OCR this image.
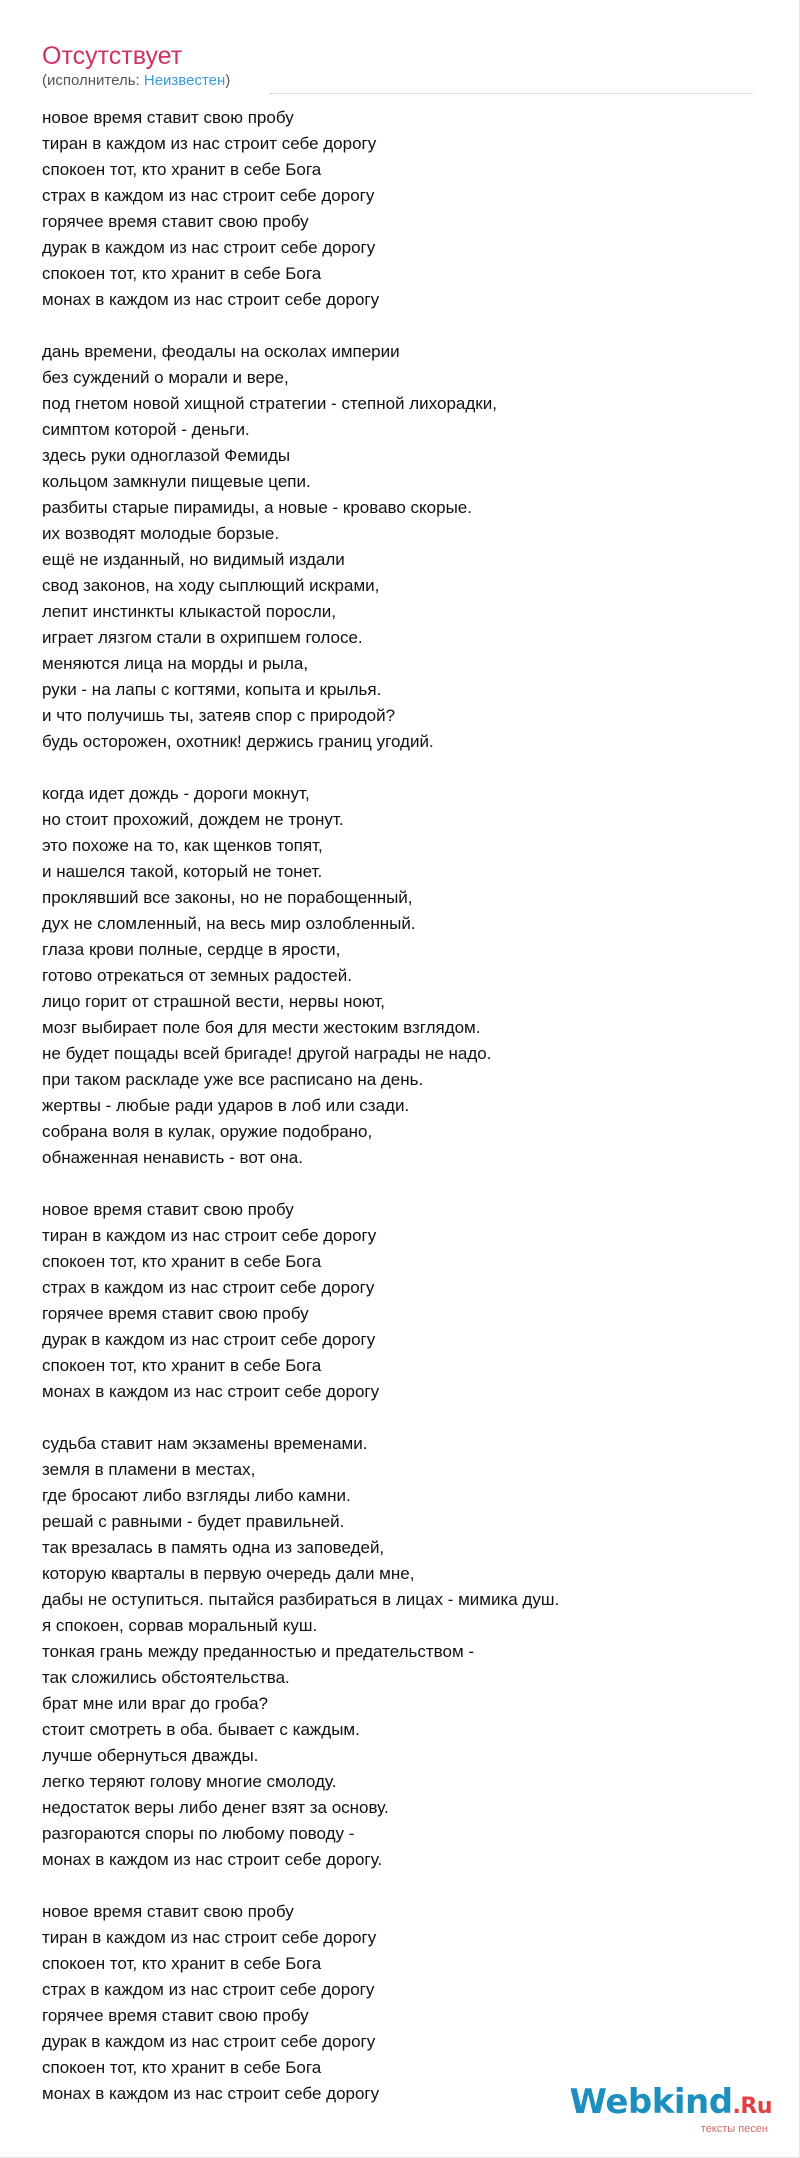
Отсутствует
(исполнитель: Неизвестен)
новое время ставит свою пробу
тиран в каждом из нас строит себе дорогу
спокоен тот, кто хранит в себе Бога
страх в каждом из нас строит себе дорогу
горячее время ставит свою пробу
дурак в каждом из нас строит себе дорогу
спокоен тот, кто хранит в себе Бога
монах в каждом из нас строит себе дорогу
дань времени, феодалы на осколах империи
без суждений о морали и вере,
под гнетом новой хищной стратегии - степной лихорадки,
симптом которой - деньги.
здесь руки одноглазой Фемиды
кольцом замкнули пищевые цепи.
разбиты старые пирамиды, а новые - кроваво скорые.
их возводят молодые борзые.
ещё не изданный, но видимый издали
свод законов, на ходу сыплющий искрами,
лепит инстинкты клыкастой поросли,
играет лязгом стали в охрипшем голосе.
меняются лица на морды и рыла,
руки - на лапы с когтями, копыта и крылья.
и что получишь ты, затеяв спор с природой?
будь осторожен, охотник! держись границ угодий.
когда идет дождь - дороги мокнут,
но стоит прохожий, дождем не тронут.
это похоже на то, как щенков топят,
и нашелся такой, который не тонет.
проклявший все законы, но не порабощенный,
дух не сломленный, на весь мир озлобленный.
глаза крови полные, сердце в ярости,
готово отрекаться от земных радостей.
лицо горит от страшной вести, нервы ноют,
мозг выбирает поле боя для мести жестоким взглядом.
не будет пощады всей бригаде! другой награды не надо.
при таком раскладе уже все расписано на день.
жертвы - любые ради ударов в лоб или сзади.
собрана воля в кулак, оружие подобрано,
обнаженная ненависть - вот она.
новое время ставит свою пробу
тиран в каждом из нас строит себе дорогу
спокоен тот, кто хранит в себе Бога
страх в каждом из нас строит себе дорогу
горячее время ставит свою пробу
дурак в каждом из нас строит себе дорогу
спокоен тот, кто хранит в себе Бога
монах в каждом из нас строит себе дорогу
судьба ставит нам экзамены временами.
земля в пламени в местах,
где бросают либо взгляды либо камни.
решай с равными - будет правильней.
так врезалась в память одна из заповедей,
которую кварталы в первую очередь дали мне,
дабы не оступиться. пытайся разбираться в лицах - мимика душ.
я спокоен, сорвав моральный куш.
тонкая грань между преданностью и предательством -
так сложились обстоятельства.
брат мне или враг до гроба?
стоит смотреть в оба. бывает с каждым.
лучше обернуться дважды.
легко теряют голову многие смолоду.
недостаток веры либо денег взят за основу.
разгораются споры по любому поводу -
монах в каждом из нас строит себе дорогу.
новое время ставит свою пробу
тиран в каждом из нас строит себе дорогу
спокоен тот, кто хранит в себе Бога
страх в каждом из нас строит себе дорогу
горячее время ставит свою пробу
дурак в каждом из нас строит себе дорогу
спокоен тот, кто хранит в себе Бога
монах в каждом из нас строит себе дорогу	Webkind.Ru
тексты песен
